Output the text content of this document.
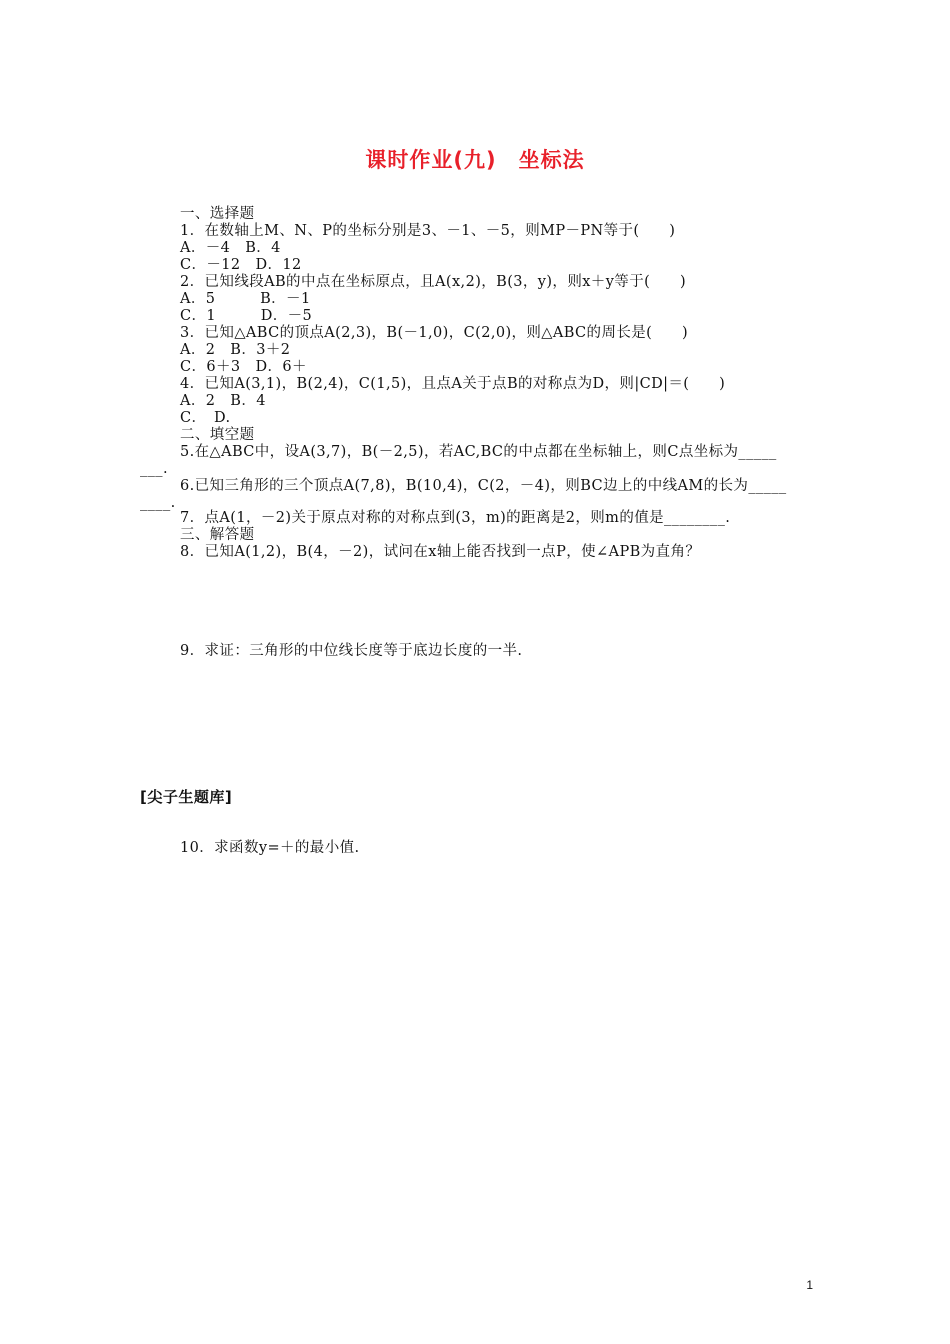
课时作业(九)　坐标法
一、选择题
1．在数轴上M、N、P的坐标分别是3、－1、－5，则MP－PN等于(　　)
A．－4　B．4
C．－12　D．12
2．已知线段AB的中点在坐标原点，且A(x,2)，B(3，y)，则x＋y等于(　　)
A．5　　　B．－1
C．1　　　D．－5
3．已知△ABC的顶点A(2,3)，B(－1,0)，C(2,0)，则△ABC的周长是(　　)
A．2　B．3＋2
C．6＋3　D．6＋
4．已知A(3,1)，B(2,4)，C(1,5)，且点A关于点B的对称点为D，则|CD|＝(　　)
A．2　B．4
C．　D.
二、填空题
5.在△ABC中，设A(3,7)，B(－2,5)，若AC,BC的中点都在坐标轴上，则C点坐标为_____
___.
6.已知三角形的三个顶点A(7,8)，B(10,4)，C(2，－4)，则BC边上的中线AM的长为_____
____.
7．点A(1，－2)关于原点对称的对称点到(3，m)的距离是2，则m的值是________.
三、解答题
8．已知A(1,2)，B(4，－2)，试问在x轴上能否找到一点P，使∠APB为直角？
9．求证：三角形的中位线长度等于底边长度的一半.
[尖子生题库]
10．求函数y=＋的最小值.
1
